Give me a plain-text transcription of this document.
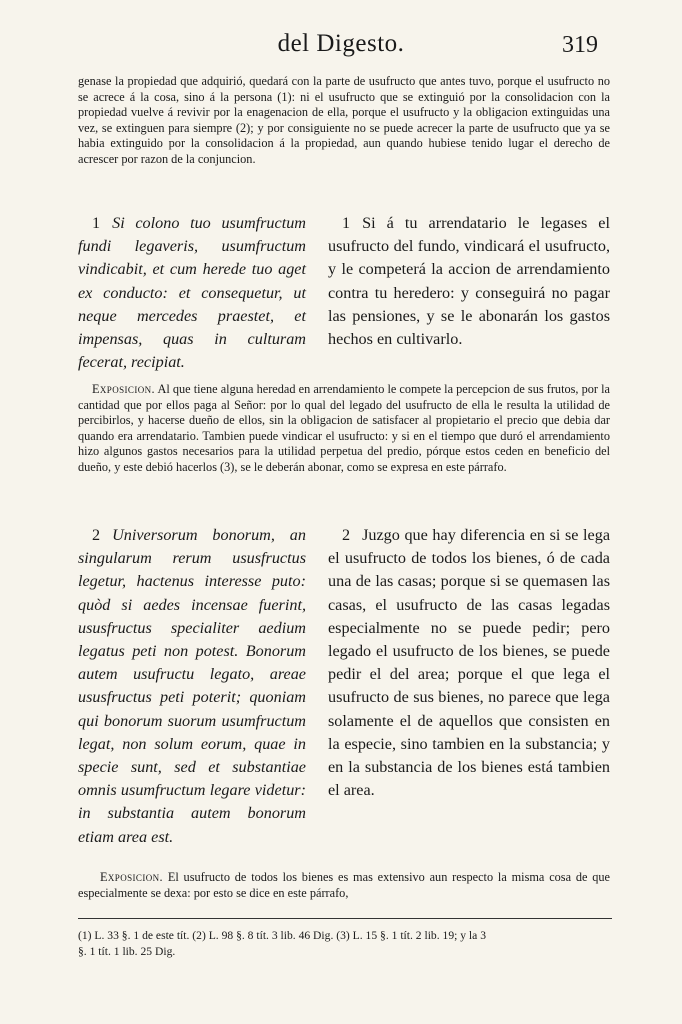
del Digesto.	319

genase la propiedad que adquirió, quedará con la parte de usufructo que antes tuvo, porque el usufructo no se acrece á la cosa, sino á la persona (1): ni el usufructo que se extinguió por la consolidacion con la propiedad vuelve á revivir por la enagenacion de ella, porque el usufructo y la obligacion extinguidas una vez, se extinguen para siempre (2); y por consiguiente no se puede acrecer la parte de usufructo que ya se habia extinguido por la consolidacion á la propiedad, aun quando hubiese tenido lugar el derecho de acrescer por razon de la conjuncion.

1 Si colono tuo usumfructum fundi legaveris, usumfructum vindicabit, et cum herede tuo aget ex conducto: et consequetur, ut neque mercedes praestet, et impensas, quas in culturam fecerat, recipiat.

1 Si á tu arrendatario le legases el usufructo del fundo, vindicará el usufructo, y le competerá la accion de arrendamiento contra tu heredero: y conseguirá no pagar las pensiones, y se le abonarán los gastos hechos en cultivarlo.

Exposicion. Al que tiene alguna heredad en arrendamiento le compete la percepcion de sus frutos, por la cantidad que por ellos paga al Señor: por lo qual del legado del usufructo de ella le resulta la utilidad de percibirlos, y hacerse dueño de ellos, sin la obligacion de satisfacer al propietario el precio que debia dar quando era arrendatario. Tambien puede vindicar el usufructo: y si en el tiempo que duró el arrendamiento hizo algunos gastos necesarios para la utilidad perpetua del predio, pórque estos ceden en beneficio del dueño, y este debió hacerlos (3), se le deberán abonar, como se expresa en este párrafo.

2 Universorum bonorum, an singularum rerum ususfructus legetur, hactenus interesse puto: quòd si aedes incensae fuerint, ususfructus specialiter aedium legatus peti non potest. Bonorum autem usufructu legato, areae ususfructus peti poterit; quoniam qui bonorum suorum usumfructum legat, non solum eorum, quae in specie sunt, sed et substantiae omnis usumfructum legare videtur: in substantia autem bonorum etiam area est.

2 Juzgo que hay diferencia en si se lega el usufructo de todos los bienes, ó de cada una de las casas; porque si se quemasen las casas, el usufructo de las casas legadas especialmente no se puede pedir; pero legado el usufructo de los bienes, se puede pedir el del area; porque el que lega el usufructo de sus bienes, no parece que lega solamente el de aquellos que consisten en la especie, sino tambien en la substancia; y en la substancia de los bienes está tambien el area.

Exposicion. El usufructo de todos los bienes es mas extensivo aun respecto la misma cosa de que especialmente se dexa: por esto se dice en este párrafo,

(1) L. 33 §. 1 de este tít. (2) L. 98 §. 8 tít. 3 lib. 46 Dig. (3) L. 15 §. 1 tít. 2 lib. 19; y la 3

§. 1 tít. 1 lib. 25 Dig.
